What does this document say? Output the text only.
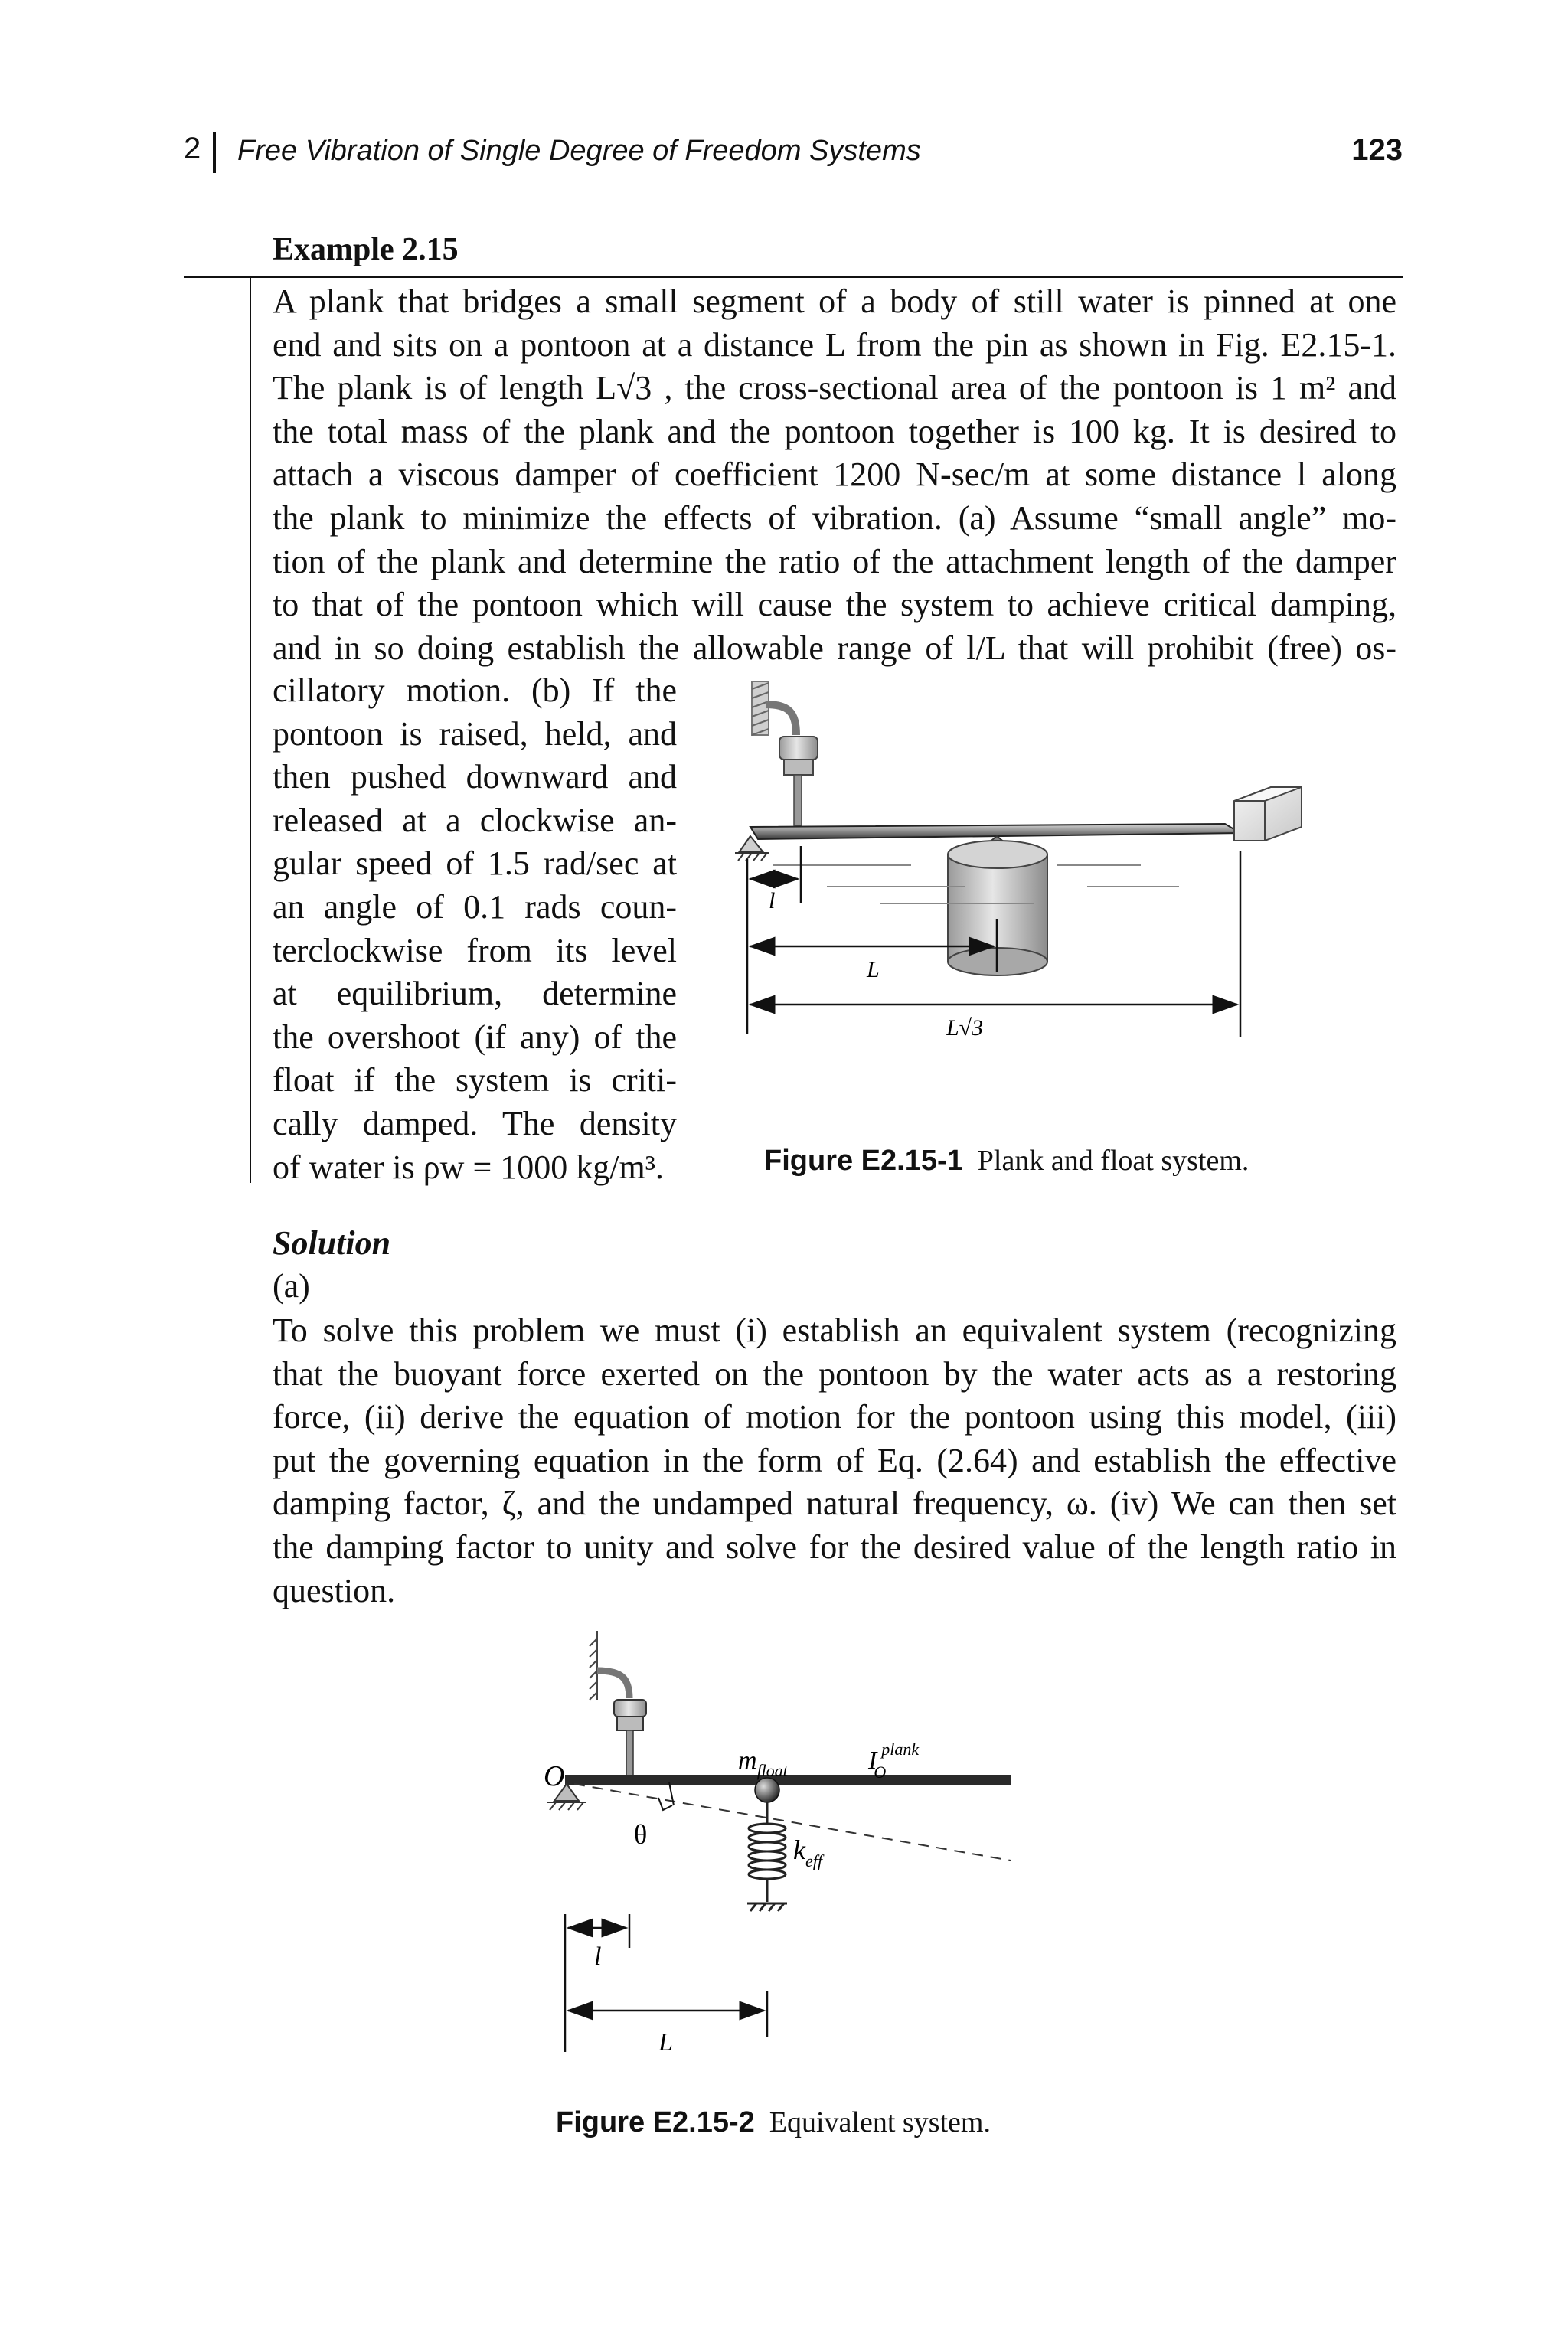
2 Free Vibration of Single Degree of Freedom Systems	123
Example 2.15
A plank that bridges a small segment of a body of still water is pinned at one
end and sits on a pontoon at a distance L from the pin as shown in Fig. E2.15-1.
The plank is of length L√3 , the cross-sectional area of the pontoon is 1 m² and
the total mass of the plank and the pontoon together is 100 kg. It is desired to
attach a viscous damper of coefficient 1200 N-sec/m at some distance l along
the plank to minimize the effects of vibration. (a) Assume “small angle” mo-
tion of the plank and determine the ratio of the attachment length of the damper
to that of the pontoon which will cause the system to achieve critical damping,
and in so doing establish the allowable range of l/L that will prohibit (free) os-
cillatory motion. (b) If the
pontoon is raised, held, and
then pushed downward and
released at a clockwise an-
gular speed of 1.5 rad/sec at
an angle of 0.1 rads coun-
terclockwise from its level
at equilibrium, determine
the overshoot (if any) of the
float if the system is criti-
cally damped. The density
of water is ρw = 1000 kg/m³.
l
L
L√3
Figure E2.15-1 Plank and float system.
Solution
(a)
To solve this problem we must (i) establish an equivalent system (recognizing
that the buoyant force exerted on the pontoon by the water acts as a restoring
force, (ii) derive the equation of motion for the pontoon using this model, (iii)
put the governing equation in the form of Eq. (2.64) and establish the effective
damping factor, ζ, and the undamped natural frequency, ω. (iv) We can then set
the damping factor to unity and solve for the desired value of the length ratio in
question.
O
θ
$m_{float}$	IOplank
$k_{eff}$
l
L
Figure E2.15-2 Equivalent system.
